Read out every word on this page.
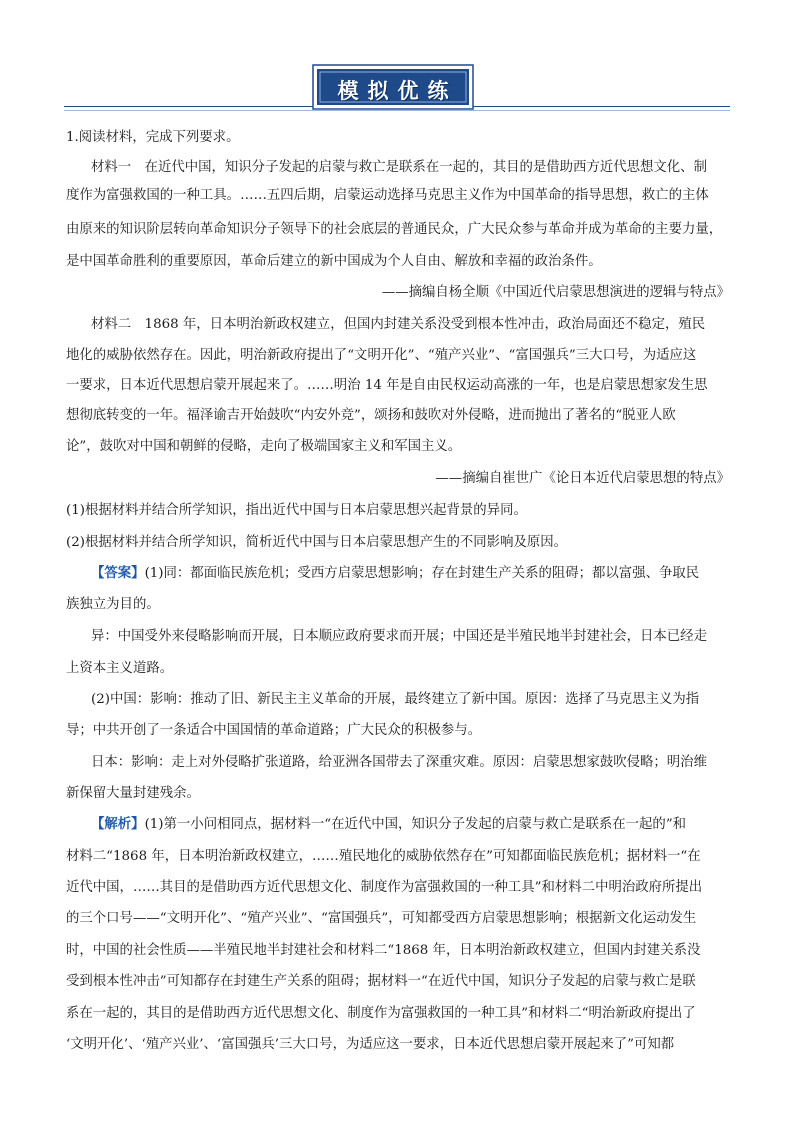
模拟优练
1.阅读材料，完成下列要求。
材料一　在近代中国，知识分子发起的启蒙与救亡是联系在一起的，其目的是借助西方近代思想文化、制
度作为富强救国的一种工具。……五四后期，启蒙运动选择马克思主义作为中国革命的指导思想，救亡的主体
由原来的知识阶层转向革命知识分子领导下的社会底层的普通民众，广大民众参与革命并成为革命的主要力量，
是中国革命胜利的重要原因，革命后建立的新中国成为个人自由、解放和幸福的政治条件。
——摘编自杨全顺《中国近代启蒙思想演进的逻辑与特点》
材料二　1868 年，日本明治新政权建立，但国内封建关系没受到根本性冲击，政治局面还不稳定，殖民
地化的威胁依然存在。因此，明治新政府提出了“文明开化”、“殖产兴业”、“富国强兵”三大口号，为适应这
一要求，日本近代思想启蒙开展起来了。……明治 14 年是自由民权运动高涨的一年，也是启蒙思想家发生思
想彻底转变的一年。福泽谕吉开始鼓吹“内安外竞”，颂扬和鼓吹对外侵略，进而抛出了著名的“脱亚人欧
论”，鼓吹对中国和朝鲜的侵略，走向了极端国家主义和军国主义。
——摘编自崔世广《论日本近代启蒙思想的特点》
(1)根据材料并结合所学知识，指出近代中国与日本启蒙思想兴起背景的异同。
(2)根据材料并结合所学知识，简析近代中国与日本启蒙思想产生的不同影响及原因。
【答案】(1)同：都面临民族危机；受西方启蒙思想影响；存在封建生产关系的阻碍；都以富强、争取民
族独立为目的。
异：中国受外来侵略影响而开展，日本顺应政府要求而开展；中国还是半殖民地半封建社会，日本已经走
上资本主义道路。
(2)中国：影响：推动了旧、新民主主义革命的开展，最终建立了新中国。原因：选择了马克思主义为指
导；中共开创了一条适合中国国情的革命道路；广大民众的积极参与。
日本：影响：走上对外侵略扩张道路，给亚洲各国带去了深重灾难。原因：启蒙思想家鼓吹侵略；明治维
新保留大量封建残余。
【解析】(1)第一小问相同点，据材料一“在近代中国，知识分子发起的启蒙与救亡是联系在一起的”和
材料二“1868 年，日本明治新政权建立，……殖民地化的威胁依然存在”可知都面临民族危机；据材料一“在
近代中国，……其目的是借助西方近代思想文化、制度作为富强救国的一种工具”和材料二中明治政府所提出
的三个口号——“文明开化”、“殖产兴业”、“富国强兵”，可知都受西方启蒙思想影响；根据新文化运动发生
时，中国的社会性质——半殖民地半封建社会和材料二“1868 年，日本明治新政权建立，但国内封建关系没
受到根本性冲击”可知都存在封建生产关系的阻碍；据材料一“在近代中国，知识分子发起的启蒙与救亡是联
系在一起的，其目的是借助西方近代思想文化、制度作为富强救国的一种工具”和材料二“明治新政府提出了
‘文明开化’、‘殖产兴业’、‘富国强兵’三大口号，为适应这一要求，日本近代思想启蒙开展起来了”可知都
